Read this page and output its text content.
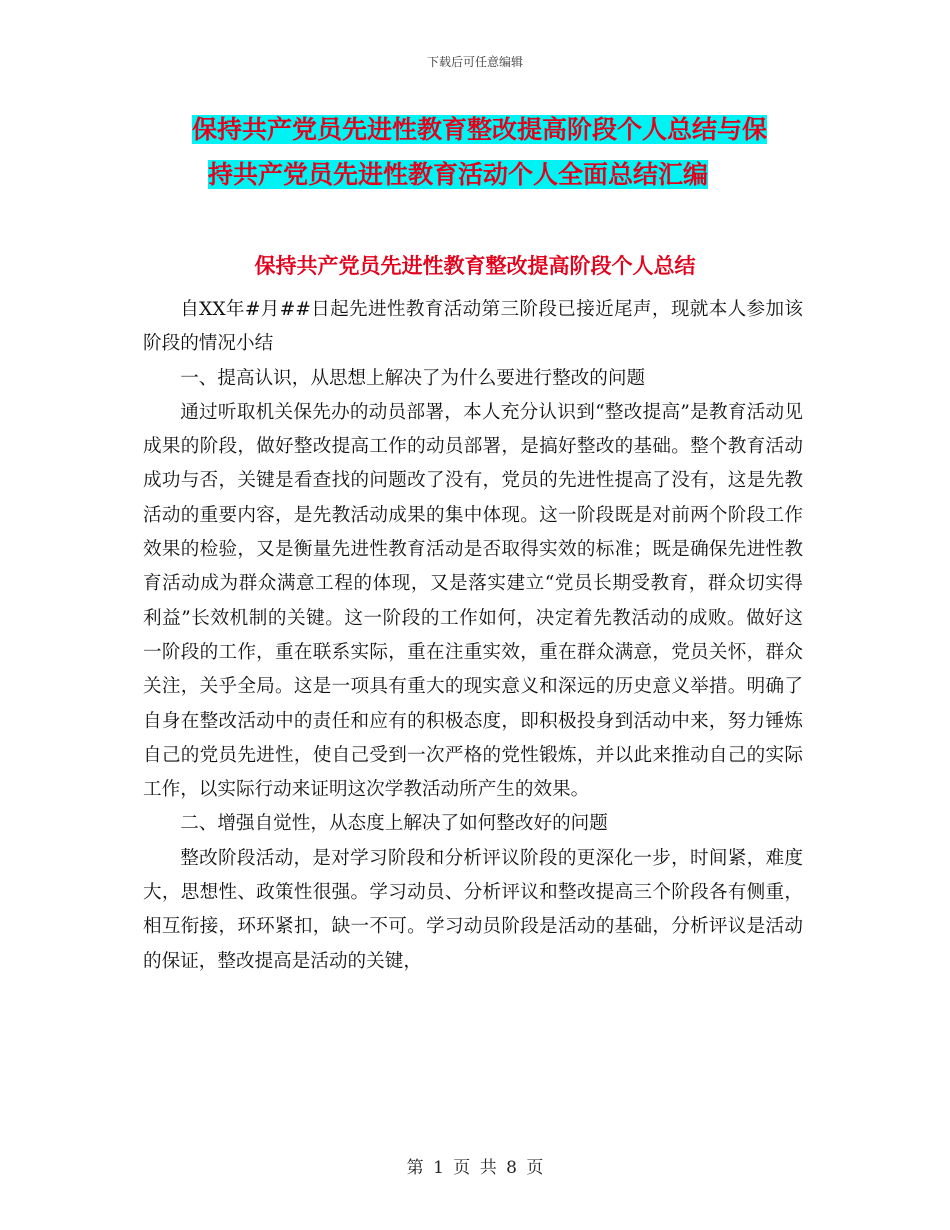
下载后可任意编辑
保持共产党员先进性教育整改提高阶段个人总结与保
持共产党员先进性教育活动个人全面总结汇编
保持共产党员先进性教育整改提高阶段个人总结

自XX年#月##日起先进性教育活动第三阶段已接近尾声，现就本人参加该阶段的情况小结

一、提高认识，从思想上解决了为什么要进行整改的问题

通过听取机关保先办的动员部署，本人充分认识到“整改提高”是教育活动见成果的阶段，做好整改提高工作的动员部署，是搞好整改的基础。整个教育活动成功与否，关键是看查找的问题改了没有，党员的先进性提高了没有，这是先教活动的重要内容，是先教活动成果的集中体现。这一阶段既是对前两个阶段工作效果的检验，又是衡量先进性教育活动是否取得实效的标准；既是确保先进性教育活动成为群众满意工程的体现，又是落实建立“党员长期受教育，群众切实得利益”长效机制的关键。这一阶段的工作如何，决定着先教活动的成败。做好这一阶段的工作，重在联系实际，重在注重实效，重在群众满意，党员关怀，群众关注，关乎全局。这是一项具有重大的现实意义和深远的历史意义举措。明确了自身在整改活动中的责任和应有的积极态度，即积极投身到活动中来，努力锤炼自己的党员先进性，使自己受到一次严格的党性锻炼，并以此来推动自己的实际工作，以实际行动来证明这次学教活动所产生的效果。

二、增强自觉性，从态度上解决了如何整改好的问题

整改阶段活动，是对学习阶段和分析评议阶段的更深化一步，时间紧，难度大，思想性、政策性很强。学习动员、分析评议和整改提高三个阶段各有侧重，相互衔接，环环紧扣，缺一不可。学习动员阶段是活动的基础，分析评议是活动的保证，整改提高是活动的关键，

第 1 页 共 8 页
